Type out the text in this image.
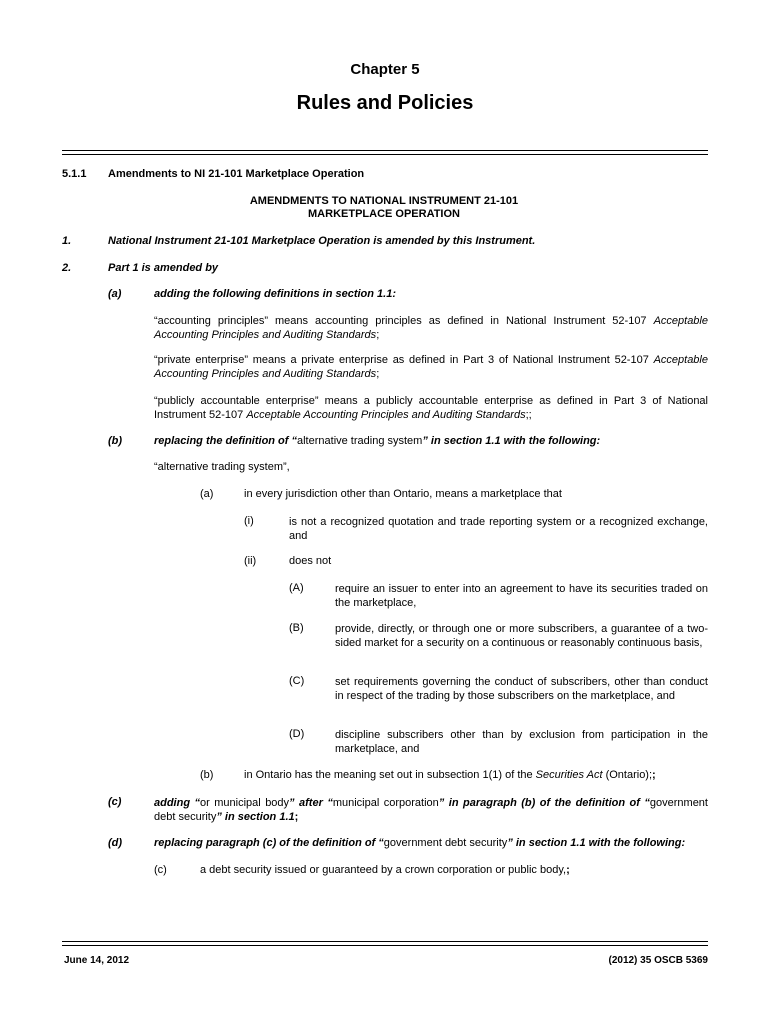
Chapter 5
Rules and Policies
5.1.1 Amendments to NI 21-101 Marketplace Operation
AMENDMENTS TO NATIONAL INSTRUMENT 21-101
MARKETPLACE OPERATION
1.	National Instrument 21-101 Marketplace Operation is amended by this Instrument.
2.	Part 1 is amended by
(a)	adding the following definitions in section 1.1:
“accounting principles” means accounting principles as defined in National Instrument 52-107 Acceptable Accounting Principles and Auditing Standards;
“private enterprise” means a private enterprise as defined in Part 3 of National Instrument 52-107 Acceptable Accounting Principles and Auditing Standards;
“publicly accountable enterprise” means a publicly accountable enterprise as defined in Part 3 of National Instrument 52-107 Acceptable Accounting Principles and Auditing Standards;;
(b)	replacing the definition of “alternative trading system” in section 1.1 with the following:
“alternative trading system”,
(a)	in every jurisdiction other than Ontario, means a marketplace that
(i)	is not a recognized quotation and trade reporting system or a recognized exchange, and
(ii)	does not
(A)	require an issuer to enter into an agreement to have its securities traded on the marketplace,
(B)	provide, directly, or through one or more subscribers, a guarantee of a two-sided market for a security on a continuous or reasonably continuous basis,
(C)	set requirements governing the conduct of subscribers, other than conduct in respect of the trading by those subscribers on the marketplace, and
(D)	discipline subscribers other than by exclusion from participation in the marketplace, and
(b)	in Ontario has the meaning set out in subsection 1(1) of the Securities Act (Ontario);;
(c)	adding “or municipal body” after “municipal corporation” in paragraph (b) of the definition of “government debt security” in section 1.1;
(d)	replacing paragraph (c) of the definition of “government debt security” in section 1.1 with the following:
(c)	a debt security issued or guaranteed by a crown corporation or public body,;
June 14, 2012	(2012) 35 OSCB 5369
